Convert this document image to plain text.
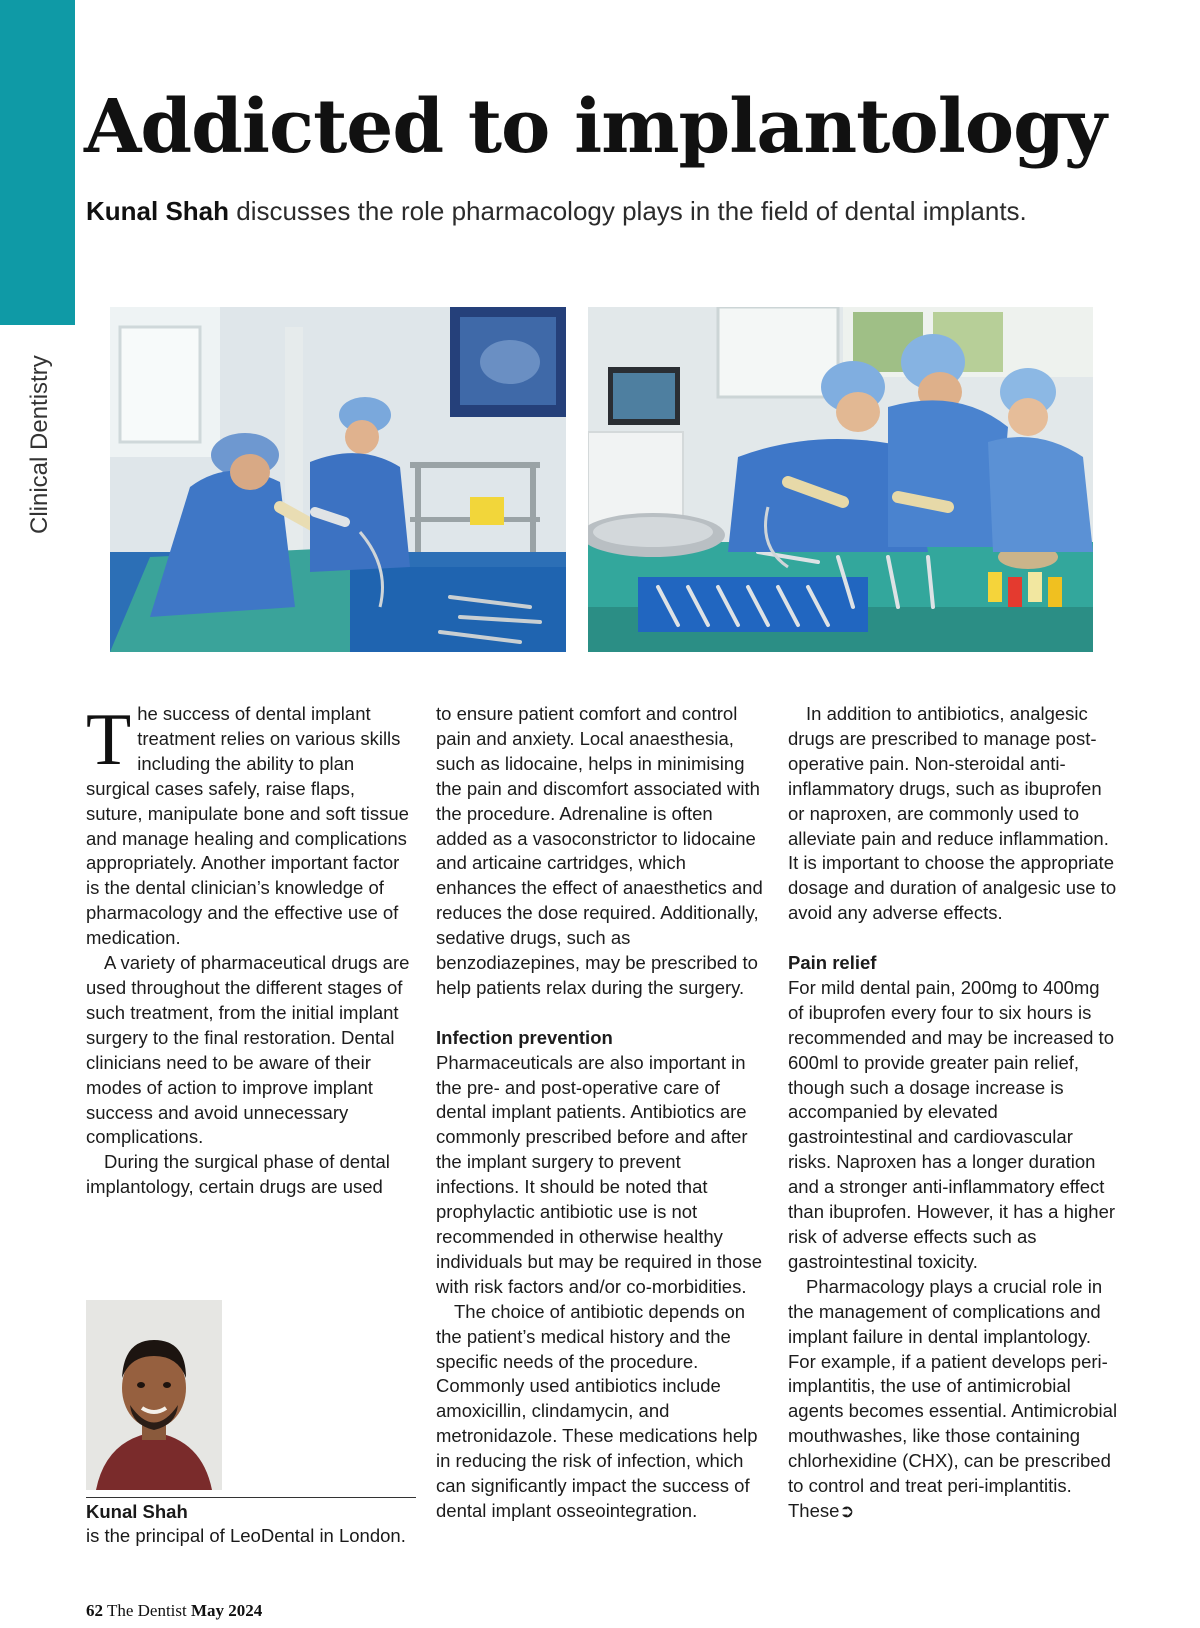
Clinical Dentistry
Addicted to implantology

Kunal Shah discusses the role pharmacology plays in the field of dental implants.

The success of dental implant treatment relies on various skills including the ability to plan surgical cases safely, raise flaps, suture, manipulate bone and soft tissue and manage healing and complications appropriately. Another important factor is the dental clinician’s knowledge of pharmacology and the effective use of medication.

A variety of pharmaceutical drugs are used throughout the different stages of such treatment, from the initial implant surgery to the final restoration. Dental clinicians need to be aware of their modes of action to improve implant success and avoid unnecessary complications.

During the surgical phase of dental implantology, certain drugs are used

to ensure patient comfort and control pain and anxiety. Local anaesthesia, such as lidocaine, helps in minimising the pain and discomfort associated with the procedure. Adrenaline is often added as a vasoconstrictor to lidocaine and articaine cartridges, which enhances the effect of anaesthetics and reduces the dose required. Additionally, sedative drugs, such as benzodiazepines, may be prescribed to help patients relax during the surgery.

Infection prevention

Pharmaceuticals are also important in the pre- and post-operative care of dental implant patients. Antibiotics are commonly prescribed before and after the implant surgery to prevent infections. It should be noted that prophylactic antibiotic use is not recommended in otherwise healthy individuals but may be required in those with risk factors and/or co-morbidities.

The choice of antibiotic depends on the patient’s medical history and the specific needs of the procedure. Commonly used antibiotics include amoxicillin, clindamycin, and metronidazole. These medications help in reducing the risk of infection, which can significantly impact the success of dental implant osseointegration.

In addition to antibiotics, analgesic drugs are prescribed to manage post-operative pain. Non-steroidal anti-inflammatory drugs, such as ibuprofen or naproxen, are commonly used to alleviate pain and reduce inflammation. It is important to choose the appropriate dosage and duration of analgesic use to avoid any adverse effects.

Pain relief

For mild dental pain, 200mg to 400mg of ibuprofen every four to six hours is recommended and may be increased to 600ml to provide greater pain relief, though such a dosage increase is accompanied by elevated gastrointestinal and cardiovascular risks. Naproxen has a longer duration and a stronger anti-inflammatory effect than ibuprofen. However, it has a higher risk of adverse effects such as gastrointestinal toxicity.

Pharmacology plays a crucial role in the management of complications and implant failure in dental implantology. For example, if a patient develops peri-implantitis, the use of antimicrobial agents becomes essential. Antimicrobial mouthwashes, like those containing chlorhexidine (CHX), can be prescribed to control and treat peri-implantitis. These➲

Kunal Shah
is the principal of LeoDental in London.
62 The Dentist May 2024
